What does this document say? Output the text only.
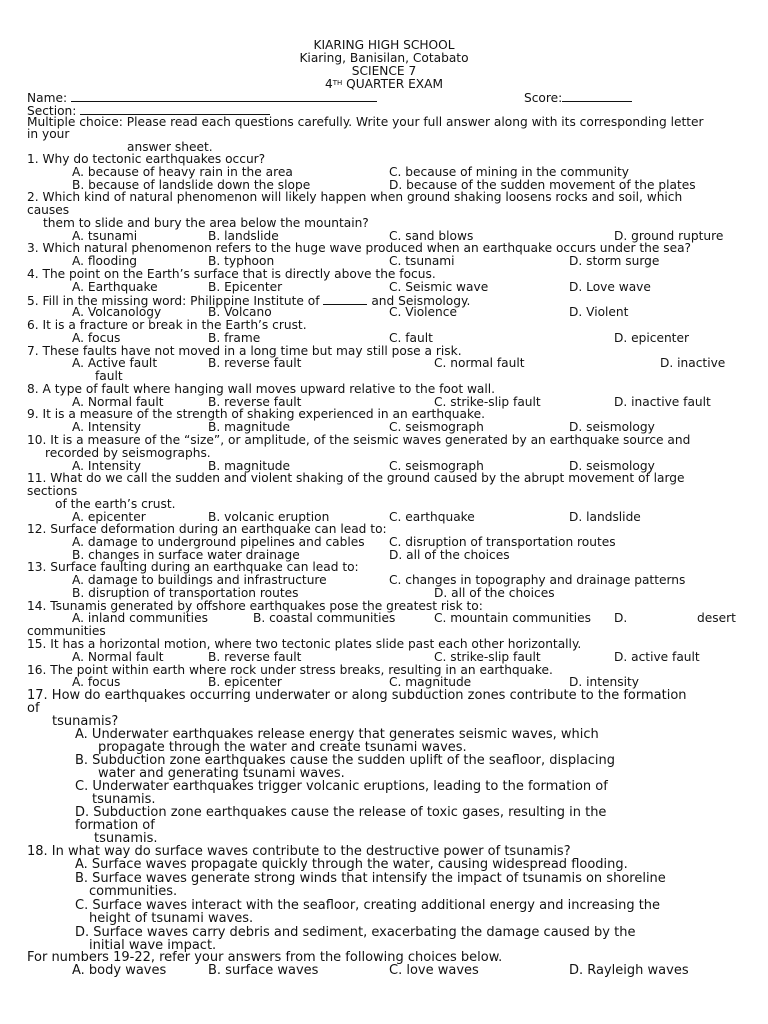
KIARING HIGH SCHOOL
Kiaring, Banisilan, Cotabato
SCIENCE 7
4TH QUARTER EXAM
Name:	Score:
Section:
Multiple choice: Please read each questions carefully. Write your full answer along with its corresponding letter
in your
answer sheet.
1. Why do tectonic earthquakes occur?
A. because of heavy rain in the area	C. because of mining in the community
B. because of landslide down the slope	D. because of the sudden movement of the plates
2. Which kind of natural phenomenon will likely happen when ground shaking loosens rocks and soil, which
causes
them to slide and bury the area below the mountain?
A. tsunami	B. landslide	C. sand blows	D. ground rupture
3. Which natural phenomenon refers to the huge wave produced when an earthquake occurs under the sea?
A. flooding	B. typhoon	C. tsunami	D. storm surge
4. The point on the Earth’s surface that is directly above the focus.
A. Earthquake	B. Epicenter	C. Seismic wave	D. Love wave
5. Fill in the missing word: Philippine Institute of	and Seismology.
A. Volcanology	B. Volcano	C. Violence	D. Violent
6. It is a fracture or break in the Earth’s crust.
A. focus	B. frame	C. fault	D. epicenter
7. These faults have not moved in a long time but may still pose a risk.
A. Active fault	B. reverse fault	C. normal fault	D. inactive
fault
8. A type of fault where hanging wall moves upward relative to the foot wall.
A. Normal fault	B. reverse fault	C. strike-slip fault	D. inactive fault
9. It is a measure of the strength of shaking experienced in an earthquake.
A. Intensity	B. magnitude	C. seismograph	D. seismology
10. It is a measure of the “size”, or amplitude, of the seismic waves generated by an earthquake source and
recorded by seismographs.
A. Intensity	B. magnitude	C. seismograph	D. seismology
11. What do we call the sudden and violent shaking of the ground caused by the abrupt movement of large
sections
of the earth’s crust.
A. epicenter	B. volcanic eruption	C. earthquake	D. landslide
12. Surface deformation during an earthquake can lead to:
A. damage to underground pipelines and cables C. disruption of transportation routes
B. changes in surface water drainage	D. all of the choices
13. Surface faulting during an earthquake can lead to:
A. damage to buildings and infrastructure	C. changes in topography and drainage patterns
B. disruption of transportation routes	D. all of the choices
14. Tsunamis generated by offshore earthquakes pose the greatest risk to:
A. inland communities	B. coastal communities	C. mountain communities D.	desert
communities
15. It has a horizontal motion, where two tectonic plates slide past each other horizontally.
A. Normal fault	B. reverse fault	C. strike-slip fault	D. active fault
16. The point within earth where rock under stress breaks, resulting in an earthquake.
A. focus	B. epicenter	C. magnitude	D. intensity
17. How do earthquakes occurring underwater or along subduction zones contribute to the formation
of
tsunamis?
A. Underwater earthquakes release energy that generates seismic waves, which
propagate through the water and create tsunami waves.
B. Subduction zone earthquakes cause the sudden uplift of the seafloor, displacing
water and generating tsunami waves.
C. Underwater earthquakes trigger volcanic eruptions, leading to the formation of
tsunamis.
D. Subduction zone earthquakes cause the release of toxic gases, resulting in the
formation of
tsunamis.
18. In what way do surface waves contribute to the destructive power of tsunamis?
A. Surface waves propagate quickly through the water, causing widespread flooding.
B. Surface waves generate strong winds that intensify the impact of tsunamis on shoreline
communities.
C. Surface waves interact with the seafloor, creating additional energy and increasing the
height of tsunami waves.
D. Surface waves carry debris and sediment, exacerbating the damage caused by the
initial wave impact.
For numbers 19-22, refer your answers from the following choices below.
A. body waves	B. surface waves	C. love waves	D. Rayleigh waves
